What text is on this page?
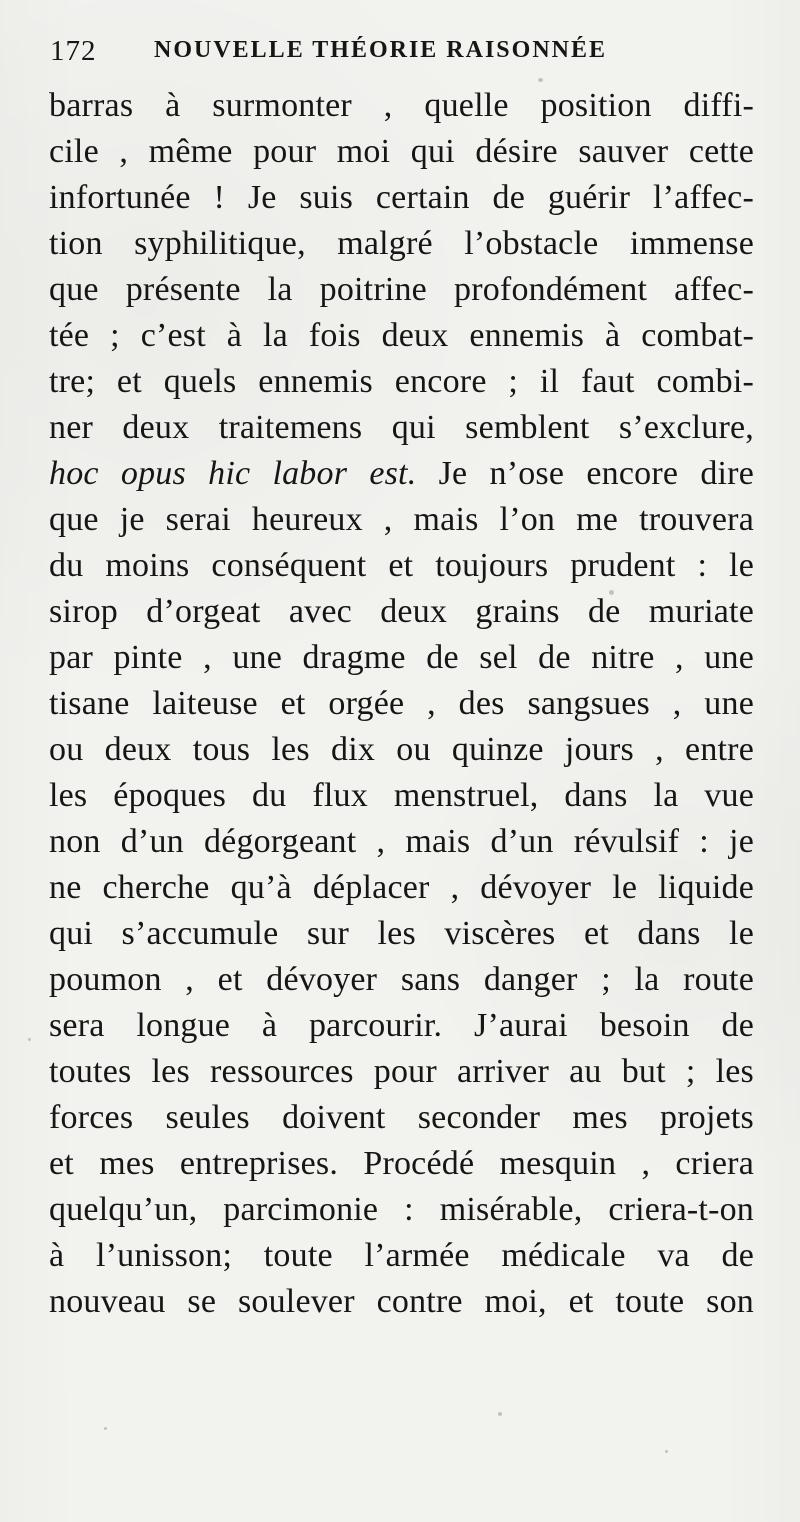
172 NOUVELLE THÉORIE RAISONNÉE
barras à surmonter , quelle position diffi-
cile , même pour moi qui désire sauver cette
infortunée ! Je suis certain de guérir l’affec-
tion syphilitique, malgré l’obstacle immense
que présente la poitrine profondément affec-
tée ; c’est à la fois deux ennemis à combat-
tre; et quels ennemis encore ; il faut combi-
ner deux traitemens qui semblent s’exclure,
hoc opus hic labor est. Je n’ose encore dire
que je serai heureux , mais l’on me trouvera
du moins conséquent et toujours prudent : le
sirop d’orgeat avec deux grains de muriate
par pinte , une dragme de sel de nitre , une
tisane laiteuse et orgée , des sangsues , une
ou deux tous les dix ou quinze jours , entre
les époques du flux menstruel, dans la vue
non d’un dégorgeant , mais d’un révulsif : je
ne cherche qu’à déplacer , dévoyer le liquide
qui s’accumule sur les viscères et dans le
poumon , et dévoyer sans danger ; la route
sera longue à parcourir. J’aurai besoin de
toutes les ressources pour arriver au but ; les
forces seules doivent seconder mes projets
et mes entreprises. Procédé mesquin , criera
quelqu’un, parcimonie : misérable, criera-t-on
à l’unisson; toute l’armée médicale va de
nouveau se soulever contre moi, et toute son
